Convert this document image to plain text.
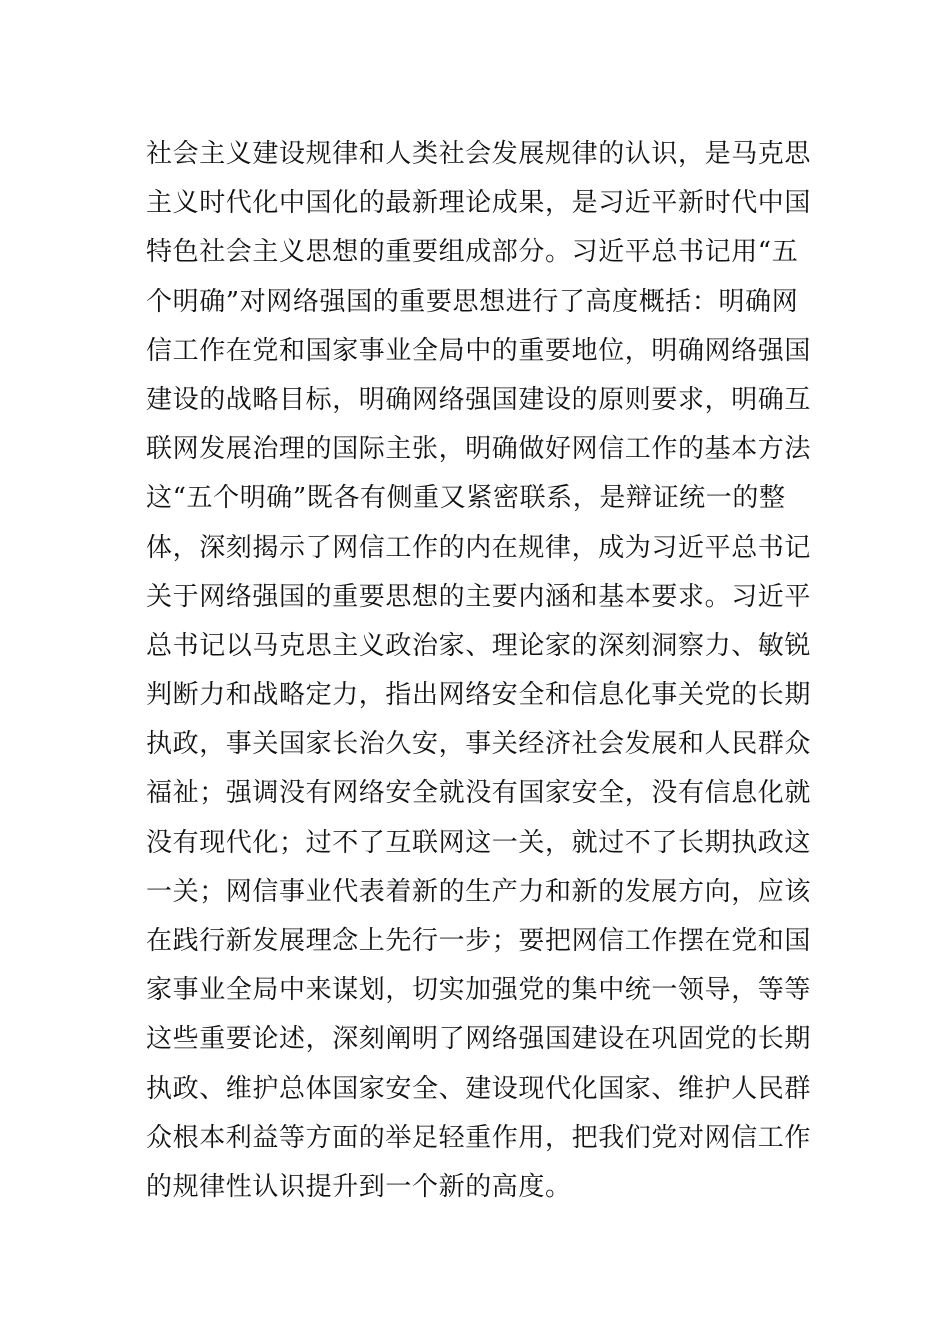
社会主义建设规律和人类社会发展规律的认识，是马克思
主义时代化中国化的最新理论成果，是习近平新时代中国
特色社会主义思想的重要组成部分。习近平总书记用“五
个明确”对网络强国的重要思想进行了高度概括：明确网
信工作在党和国家事业全局中的重要地位，明确网络强国
建设的战略目标，明确网络强国建设的原则要求，明确互
联网发展治理的国际主张，明确做好网信工作的基本方法
这“五个明确”既各有侧重又紧密联系，是辩证统一的整
体，深刻揭示了网信工作的内在规律，成为习近平总书记
关于网络强国的重要思想的主要内涵和基本要求。习近平
总书记以马克思主义政治家、理论家的深刻洞察力、敏锐
判断力和战略定力，指出网络安全和信息化事关党的长期
执政，事关国家长治久安，事关经济社会发展和人民群众
福祉；强调没有网络安全就没有国家安全，没有信息化就
没有现代化；过不了互联网这一关，就过不了长期执政这
一关；网信事业代表着新的生产力和新的发展方向，应该
在践行新发展理念上先行一步；要把网信工作摆在党和国
家事业全局中来谋划，切实加强党的集中统一领导，等等
这些重要论述，深刻阐明了网络强国建设在巩固党的长期
执政、维护总体国家安全、建设现代化国家、维护人民群
众根本利益等方面的举足轻重作用，把我们党对网信工作
的规律性认识提升到一个新的高度。
